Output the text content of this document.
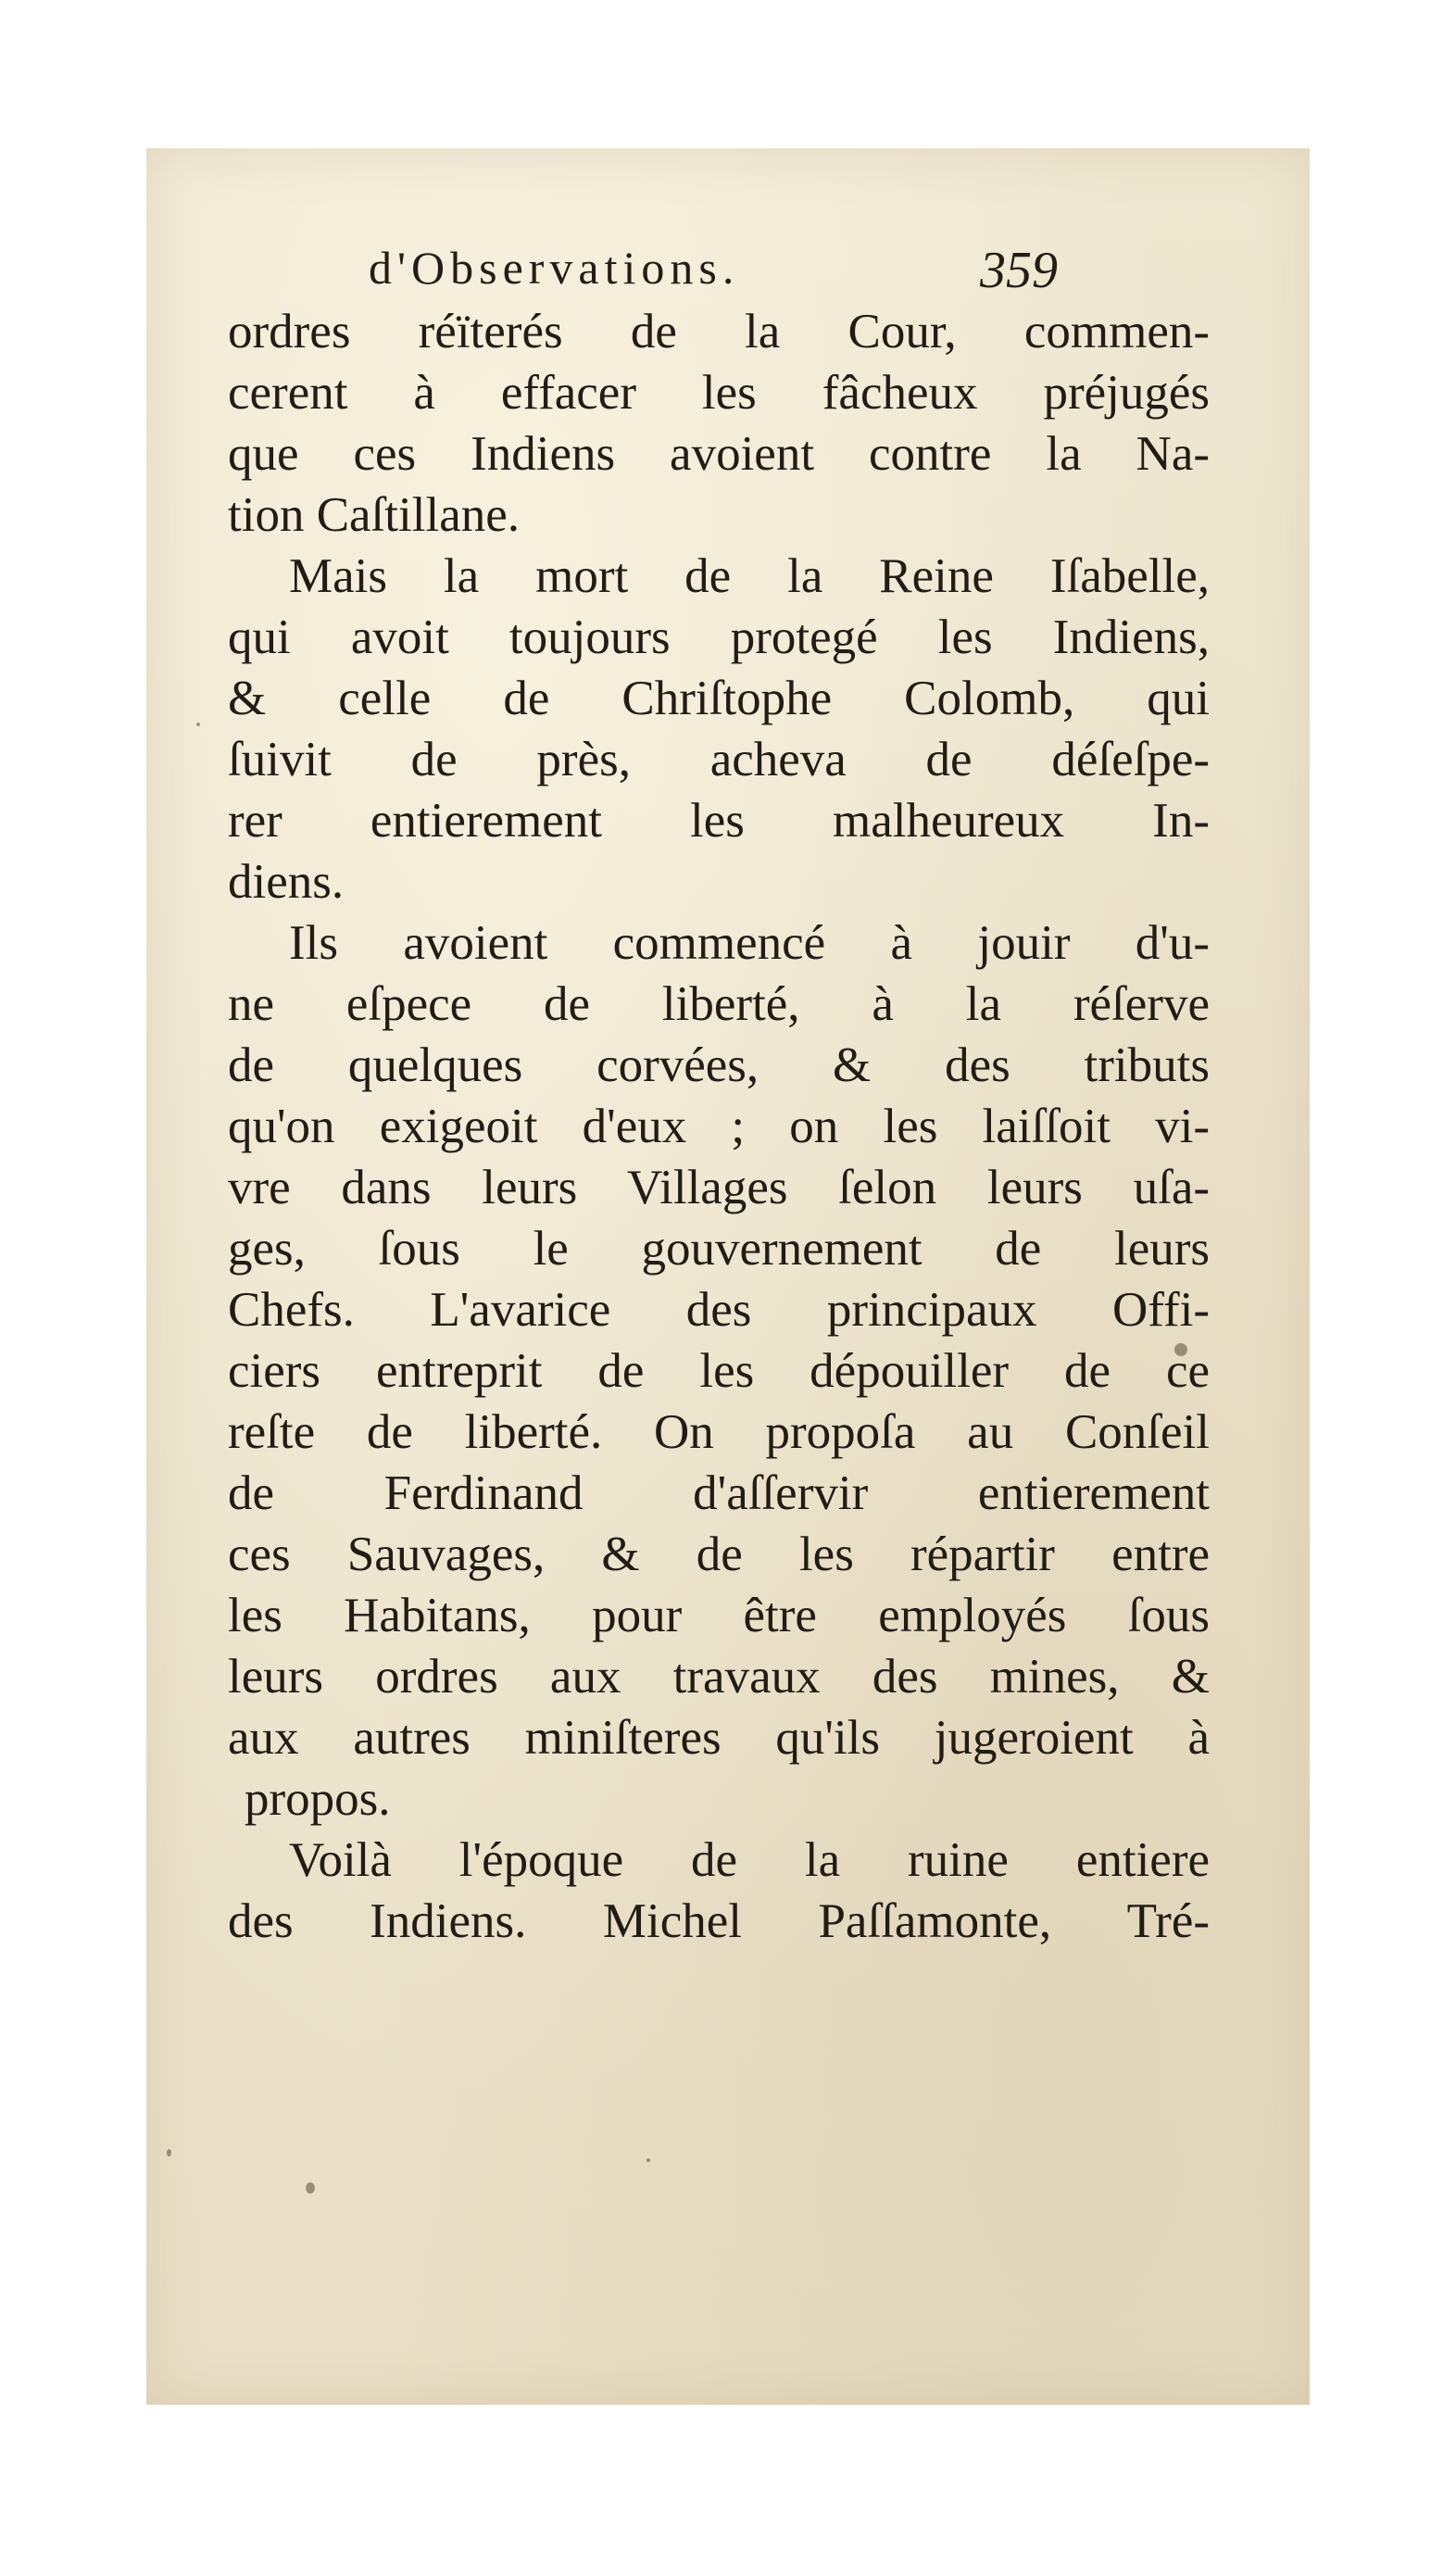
d'Observations.	359
ordres réïterés de la Cour, commen-
cerent à effacer les fâcheux préjugés
que ces Indiens avoient contre la Na-
tion Caſtillane.
Mais la mort de la Reine Iſabelle,
qui avoit toujours protegé les Indiens,
& celle de Chriſtophe Colomb, qui
ſuivit de près, acheva de déſeſpe-
rer entierement les malheureux In-
diens.
Ils avoient commencé à jouir d'u-
ne eſpece de liberté, à la réſerve
de quelques corvées, & des tributs
qu'on exigeoit d'eux ; on les laiſſoit vi-
vre dans leurs Villages ſelon leurs uſa-
ges, ſous le gouvernement de leurs
Chefs. L'avarice des principaux Offi-
ciers entreprit de les dépouiller de ce
reſte de liberté. On propoſa au Conſeil
de Ferdinand d'aſſervir entierement
ces Sauvages, & de les répartir entre
les Habitans, pour être employés ſous
leurs ordres aux travaux des mines, &
aux autres miniſteres qu'ils jugeroient à
propos.
Voilà l'époque de la ruine entiere
des Indiens. Michel Paſſamonte, Tré-
